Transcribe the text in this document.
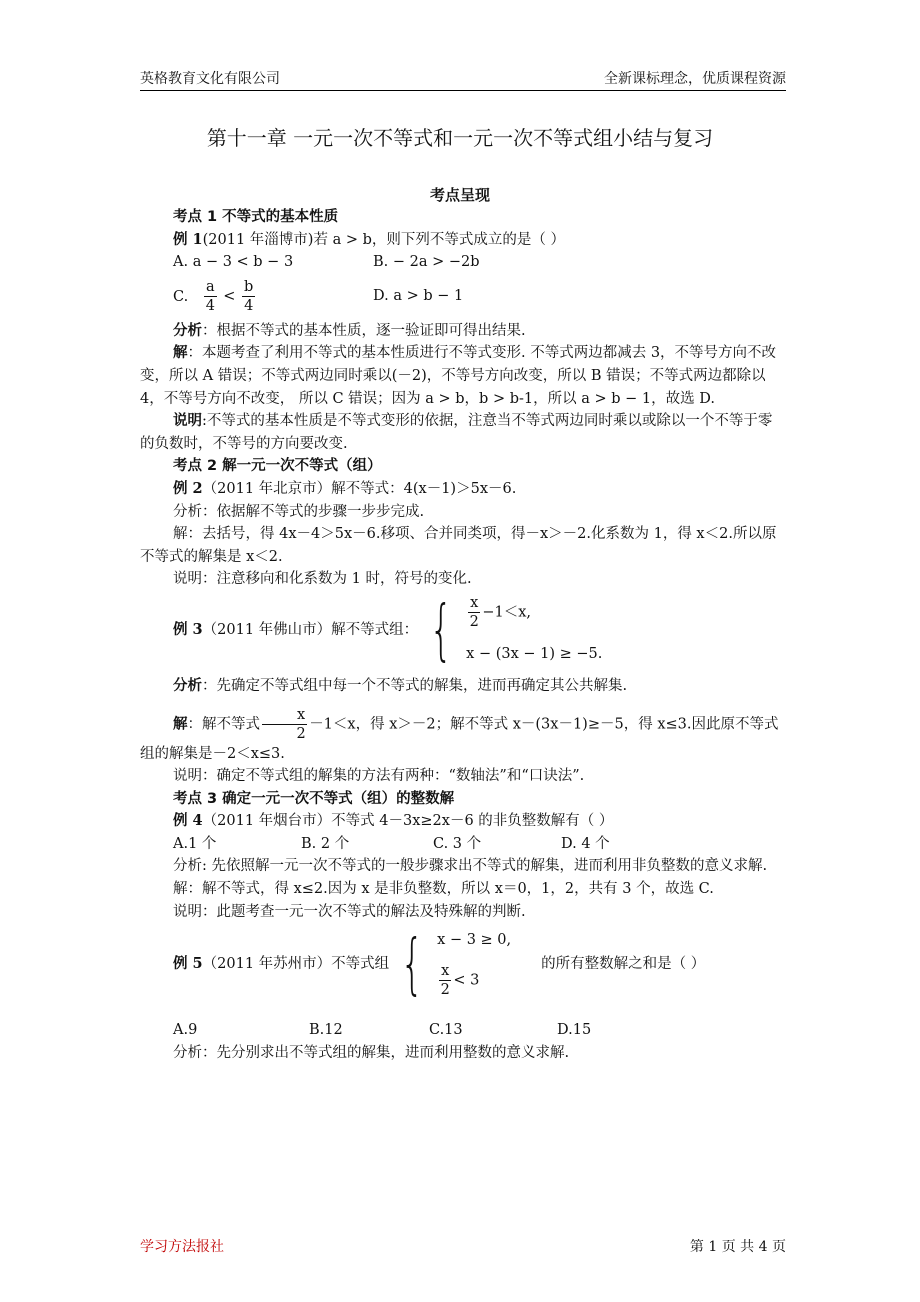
英格教育文化有限公司	全新课标理念，优质课程资源
第十一章 一元一次不等式和一元一次不等式组小结与复习
考点呈现

考点 1 不等式的基本性质

例 1(2011 年淄博市)若 a > b，则下列不等式成立的是（ ）

A. a − 3 < b − 3	B. − 2a > −2b
C. $\frac{a}{4} < \frac{b}{4}$	D. a > b − 1

分析：根据不等式的基本性质，逐一验证即可得出结果.

解：本题考查了利用不等式的基本性质进行不等式变形. 不等式两边都减去 3，不等号方向不改变，所以 A 错误；不等式两边同时乘以(－2)，不等号方向改变，所以 B 错误；不等式两边都除以 4，不等号方向不改变， 所以 C 错误；因为 a > b，b > b-1，所以 a > b − 1，故选 D.

说明:不等式的基本性质是不等式变形的依据，注意当不等式两边同时乘以或除以一个不等于零的负数时，不等号的方向要改变.

考点 2 解一元一次不等式（组）

例 2（2011 年北京市）解不等式：4(x－1)＞5x－6.

分析：依据解不等式的步骤一步步完成.

解：去括号，得 4x－4＞5x－6.移项、合并同类项，得－x＞－2.化系数为 1，得 x＜2.所以原不等式的解集是 x＜2.

说明：注意移向和化系数为 1 时，符号的变化.

例 3 （2011 年佛山市）解不等式组： { $\frac{x}{2} -1<x$,
x − (3x − 1) ≥ −5.

分析：先确定不等式组中每一个不等式的解集，进而再确定其公共解集.

解：解不等式 $\frac{x}{2} -1<x$，得 x＞－2；解不等式 x－(3x－1)≥－5，得 x≤3.因此原不等式组的解集是－2＜x≤3.

说明：确定不等式组的解集的方法有两种：“数轴法”和“口诀法”.

考点 3 确定一元一次不等式（组）的整数解

例 4（2011 年烟台市）不等式 4－3x≥2x－6 的非负整数解有（ ）

A.1 个	B. 2 个	C. 3 个	D. 4 个

分析: 先依照解一元一次不等式的一般步骤求出不等式的解集，进而利用非负整数的意义求解.

解：解不等式，得 x≤2.因为 x 是非负整数，所以 x＝0，1，2，共有 3 个，故选 C.

说明：此题考查一元一次不等式的解法及特殊解的判断.

例 5 （2011 年苏州市）不等式组 { x − 3 ≥ 0,
$\frac{x}{2} < 3$
的所有整数解之和是（ ）
A.9	B.12	C.13	D.15

分析：先分别求出不等式组的解集，进而利用整数的意义求解.

学习方法报社	第 1 页 共 4 页
